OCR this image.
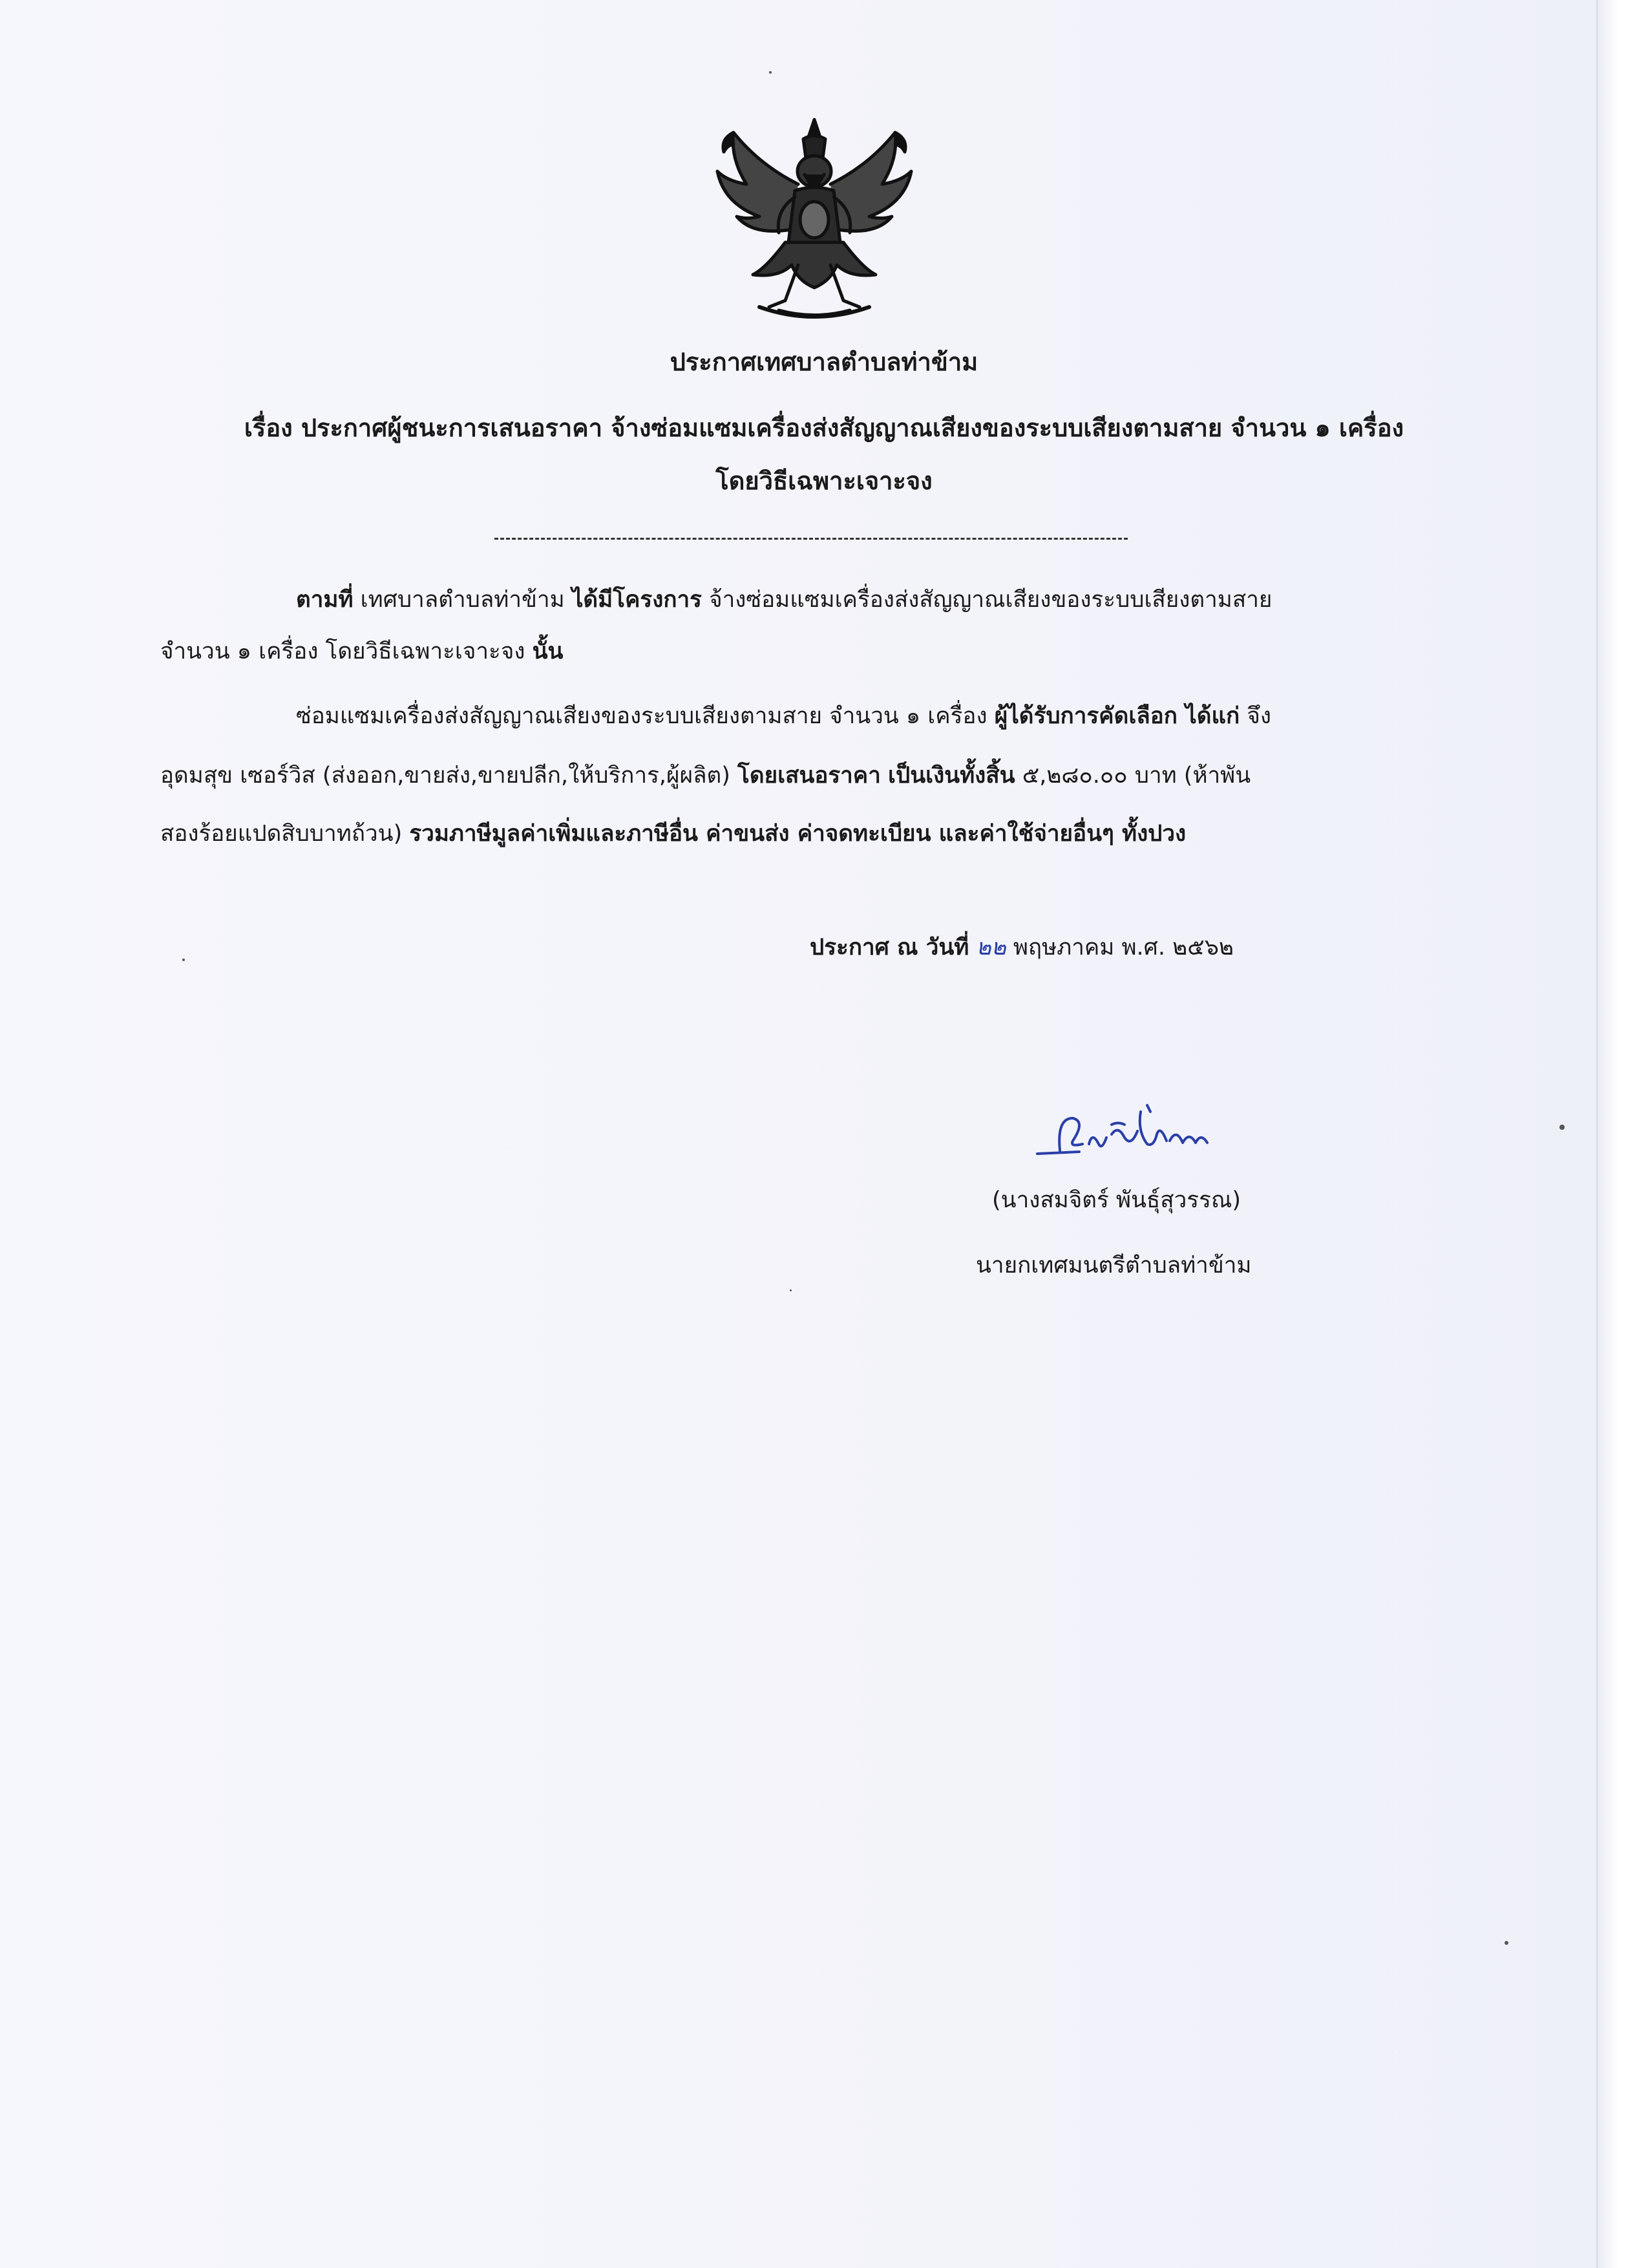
ประกาศเทศบาลตำบลท่าข้าม
เรื่อง ประกาศผู้ชนะการเสนอราคา จ้างซ่อมแซมเครื่องส่งสัญญาณเสียงของระบบเสียงตามสาย จำนวน ๑ เครื่อง
โดยวิธีเฉพาะเจาะจง
ตามที่ เทศบาลตำบลท่าข้าม ได้มีโครงการ จ้างซ่อมแซมเครื่องส่งสัญญาณเสียงของระบบเสียงตามสาย
จำนวน ๑ เครื่อง โดยวิธีเฉพาะเจาะจง นั้น
ซ่อมแซมเครื่องส่งสัญญาณเสียงของระบบเสียงตามสาย จำนวน ๑ เครื่อง ผู้ได้รับการคัดเลือก ได้แก่ จึง
อุดมสุข เซอร์วิส (ส่งออก,ขายส่ง,ขายปลีก,ให้บริการ,ผู้ผลิต) โดยเสนอราคา เป็นเงินทั้งสิ้น ๕,๒๘๐.๐๐ บาท (ห้าพัน
สองร้อยแปดสิบบาทถ้วน) รวมภาษีมูลค่าเพิ่มและภาษีอื่น ค่าขนส่ง ค่าจดทะเบียน และค่าใช้จ่ายอื่นๆ ทั้งปวง
ประกาศ ณ วันที่ ๒๒ พฤษภาคม พ.ศ. ๒๕๖๒
(นางสมจิตร์ พันธุ์สุวรรณ)
นายกเทศมนตรีตำบลท่าข้าม
